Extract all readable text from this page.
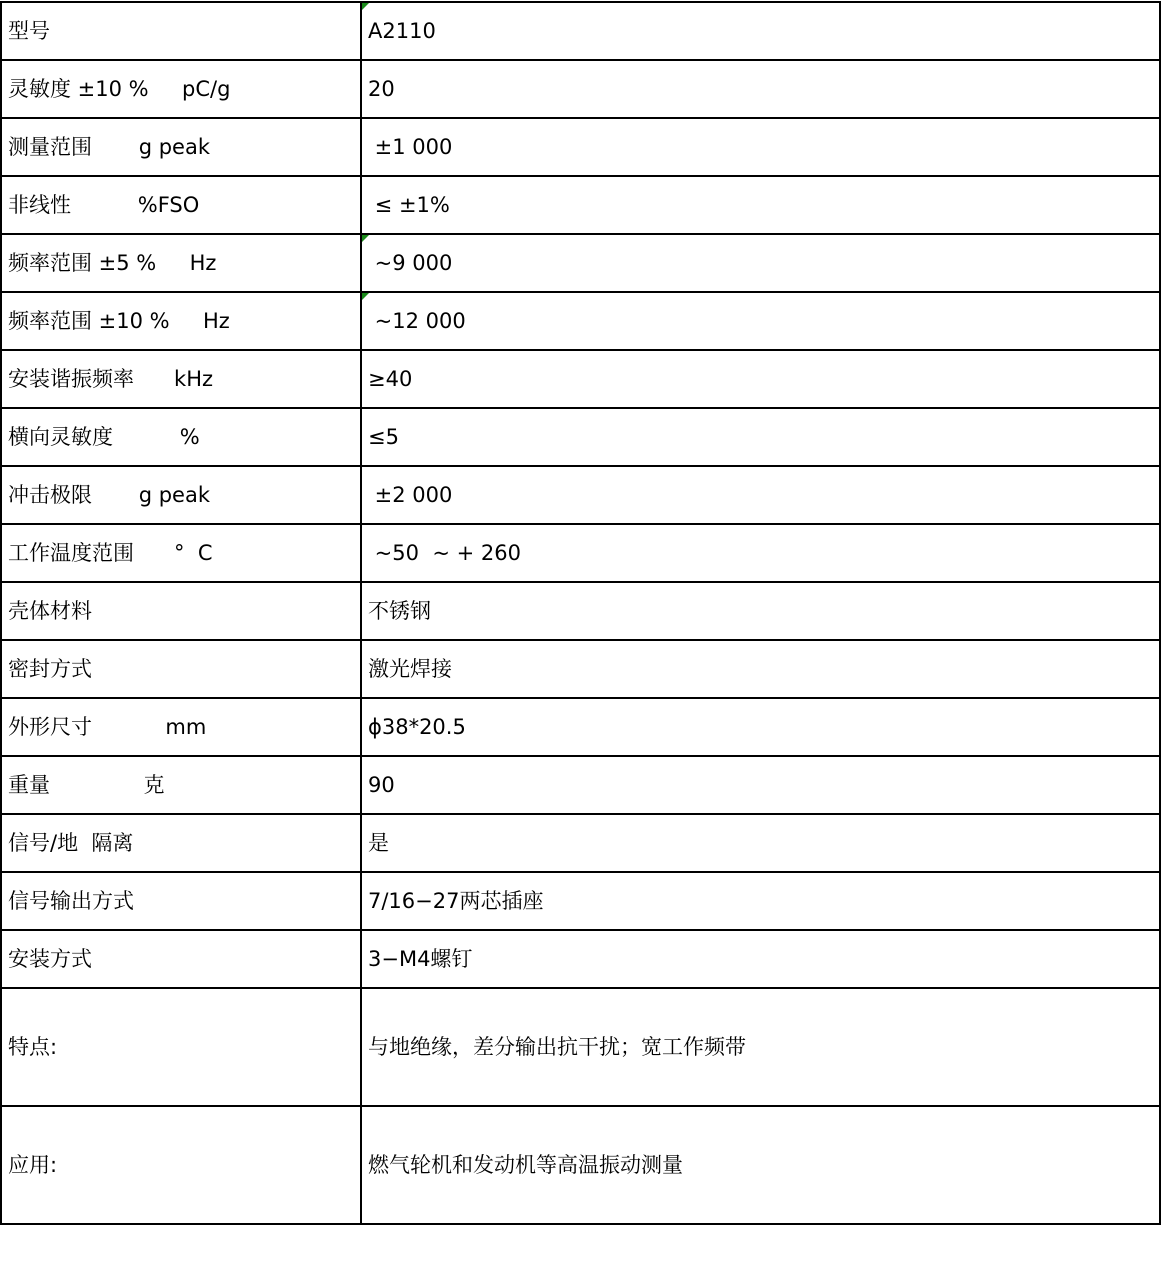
型号	A2110
灵敏度 ±10 %     pC/g	20
测量范围       g peak	±1 000
非线性          %FSO	≤ ±1%
频率范围 ±5 %     Hz	~9 000
频率范围 ±10 %     Hz	~12 000
安装谐振频率      kHz	≥40
横向灵敏度          %	≤5
冲击极限       g peak	±2 000
工作温度范围      °  C	~50  ~ + 260
壳体材料	不锈钢
密封方式	激光焊接
外形尺寸           mm	ϕ38*20.5
重量              克	90
信号/地  隔离	是
信号输出方式	7/16−27两芯插座
安装方式	3−M4螺钉
特点:	与地绝缘，差分输出抗干扰；宽工作频带
应用:	燃气轮机和发动机等高温振动测量
